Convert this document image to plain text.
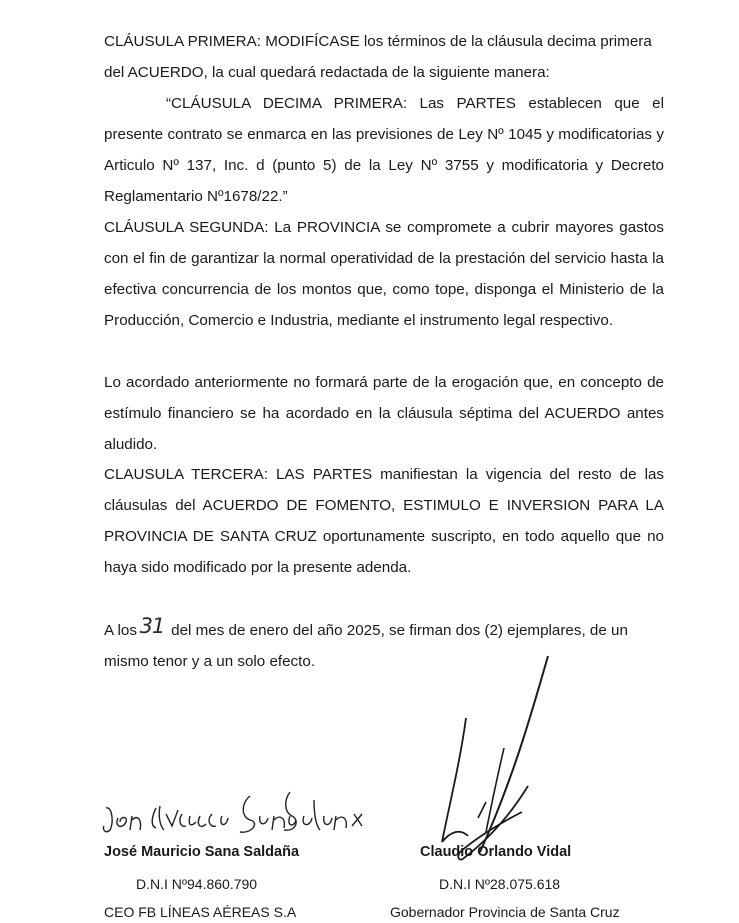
CLÁUSULA PRIMERA: MODIFÍCASE los términos de la cláusula decima primera del ACUERDO, la cual quedará redactada de la siguiente manera:

“CLÁUSULA DECIMA PRIMERA: Las PARTES establecen que el presente contrato se enmarca en las previsiones de Ley Nº 1045 y modificatorias y Articulo Nº 137, Inc. d (punto 5) de la Ley Nº 3755 y modificatoria y Decreto Reglamentario Nº1678/22.”

CLÁUSULA SEGUNDA: La PROVINCIA se compromete a cubrir mayores gastos con el fin de garantizar la normal operatividad de la prestación del servicio hasta la efectiva concurrencia de los montos que, como tope, disponga el Ministerio de la Producción, Comercio e Industria, mediante el instrumento legal respectivo.

Lo acordado anteriormente no formará parte de la erogación que, en concepto de estímulo financiero se ha acordado en la cláusula séptima del ACUERDO antes aludido.

CLAUSULA TERCERA: LAS PARTES manifiestan la vigencia del resto de las cláusulas del ACUERDO DE FOMENTO, ESTIMULO E INVERSION PARA LA PROVINCIA DE SANTA CRUZ oportunamente suscripto, en todo aquello que no haya sido modificado por la presente adenda.

A los 31 del mes de enero del año 2025, se firman dos (2) ejemplares, de un mismo tenor y a un solo efecto.

José Mauricio Sana Saldaña
D.N.I Nº94.860.790
CEO FB LÍNEAS AÉREAS S.A
Claudio Orlando Vidal
D.N.I Nº28.075.618
Gobernador Provincia de Santa Cruz
